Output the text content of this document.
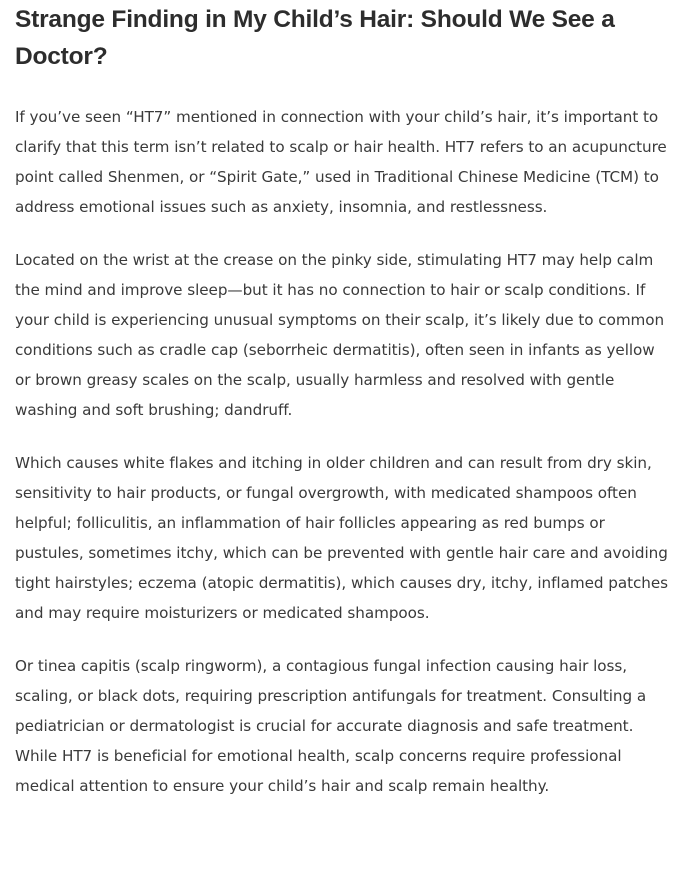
Strange Finding in My Child’s Hair: Should We See a Doctor?

If you’ve seen “HT7” mentioned in connection with your child’s hair, it’s important to clarify that this term isn’t related to scalp or hair health. HT7 refers to an acupuncture point called Shenmen, or “Spirit Gate,” used in Traditional Chinese Medicine (TCM) to address emotional issues such as anxiety, insomnia, and restlessness.

Located on the wrist at the crease on the pinky side, stimulating HT7 may help calm the mind and improve sleep—but it has no connection to hair or scalp conditions. If your child is experiencing unusual symptoms on their scalp, it’s likely due to common conditions such as cradle cap (seborrheic dermatitis), often seen in infants as yellow or brown greasy scales on the scalp, usually harmless and resolved with gentle washing and soft brushing; dandruff.

Which causes white flakes and itching in older children and can result from dry skin, sensitivity to hair products, or fungal overgrowth, with medicated shampoos often helpful; folliculitis, an inflammation of hair follicles appearing as red bumps or pustules, sometimes itchy, which can be prevented with gentle hair care and avoiding tight hairstyles; eczema (atopic dermatitis), which causes dry, itchy, inflamed patches and may require moisturizers or medicated shampoos.

Or tinea capitis (scalp ringworm), a contagious fungal infection causing hair loss, scaling, or black dots, requiring prescription antifungals for treatment. Consulting a pediatrician or dermatologist is crucial for accurate diagnosis and safe treatment. While HT7 is beneficial for emotional health, scalp concerns require professional medical attention to ensure your child’s hair and scalp remain healthy.
